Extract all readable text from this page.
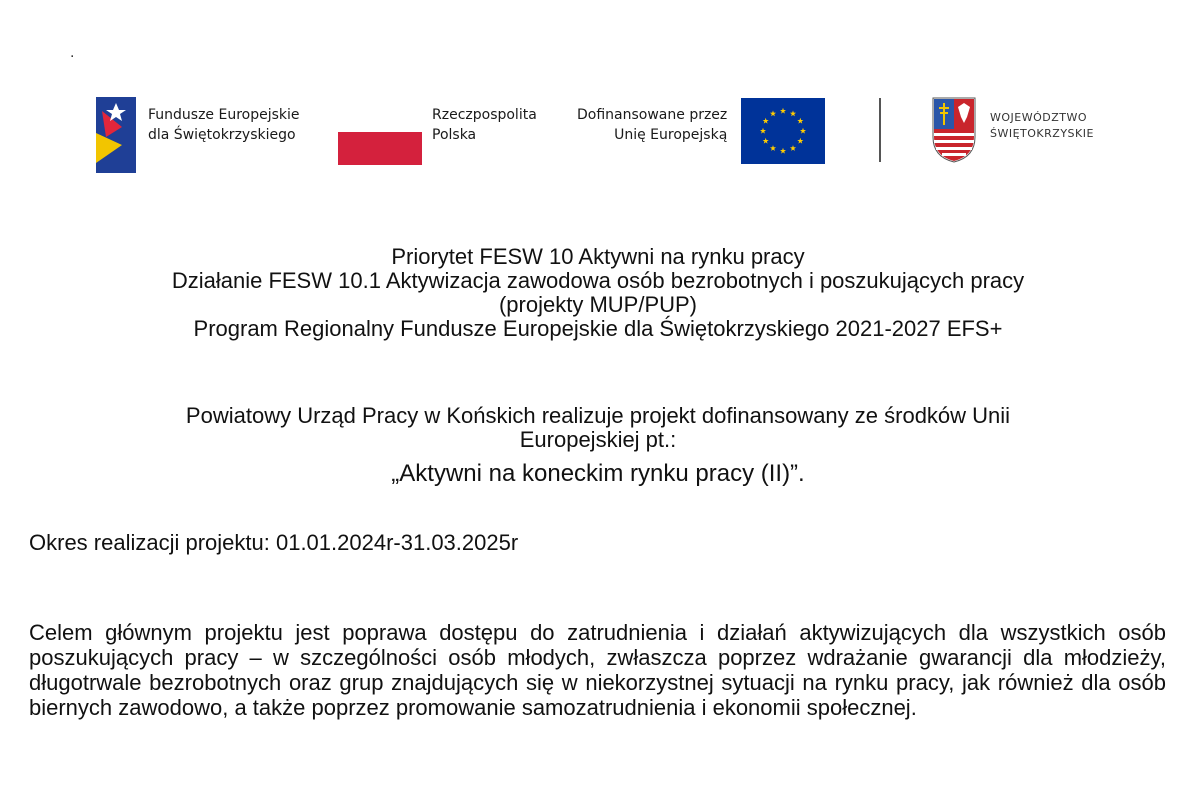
.
Fundusze Europejskie
dla Świętokrzyskiego
Rzeczpospolita
Polska
Dofinansowane przez
Unię Europejską
WOJEWÓDZTWO
ŚWIĘTOKRZYSKIE
Priorytet FESW 10 Aktywni na rynku pracy
Działanie FESW 10.1 Aktywizacja zawodowa osób bezrobotnych i poszukujących pracy
(projekty MUP/PUP)
Program Regionalny Fundusze Europejskie dla Świętokrzyskiego 2021-2027 EFS+
Powiatowy Urząd Pracy w Końskich realizuje projekt dofinansowany ze środków Unii
Europejskiej pt.:
„Aktywni na koneckim rynku pracy (II)”.
Okres realizacji projektu: 01.01.2024r-31.03.2025r
Celem głównym projektu jest poprawa dostępu do zatrudnienia i działań aktywizujących dla wszystkich osób poszukujących pracy – w szczególności osób młodych, zwłaszcza poprzez wdrażanie gwarancji dla młodzieży, długotrwale bezrobotnych oraz grup znajdujących się w niekorzystnej sytuacji na rynku pracy, jak również dla osób biernych zawodowo, a także poprzez promowanie samozatrudnienia i ekonomii społecznej.
